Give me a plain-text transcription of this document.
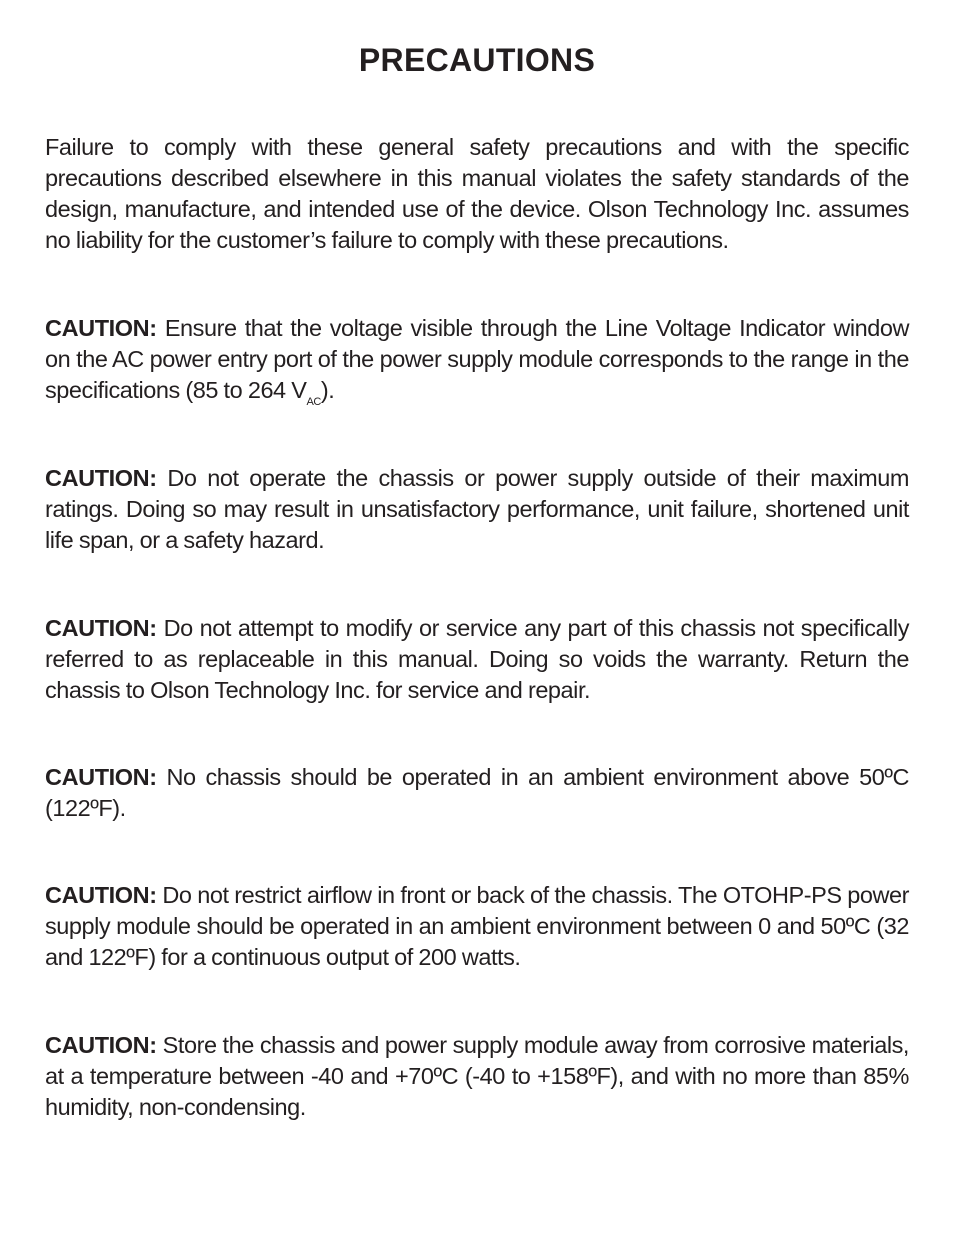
PRECAUTIONS

Failure to comply with these general safety precautions and with the specific precautions described elsewhere in this manual violates the safety standards of the design, manufacture, and intended use of the device. Olson Technology Inc. assumes no liability for the customer’s failure to comply with these precautions.

CAUTION: Ensure that the voltage visible through the Line Voltage Indicator window on the AC power entry port of the power supply module corresponds to the range in the specifications (85 to 264 $V_{AC}$).

CAUTION: Do not operate the chassis or power supply outside of their maximum ratings. Doing so may result in unsatisfactory performance, unit failure, shortened unit life span, or a safety hazard.

CAUTION: Do not attempt to modify or service any part of this chassis not specifically referred to as replaceable in this manual. Doing so voids the warranty. Return the chassis to Olson Technology Inc. for service and repair.

CAUTION: No chassis should be operated in an ambient environment above 50ºC (122ºF).

CAUTION: Do not restrict airflow in front or back of the chassis. The OTOHP-PS power supply module should be operated in an ambient environment between 0 and 50ºC (32 and 122ºF) for a continuous output of 200 watts.

CAUTION: Store the chassis and power supply module away from corrosive materials, at a temperature between -40 and +70ºC (-40 to +158ºF), and with no more than 85% humidity, non-condensing.
